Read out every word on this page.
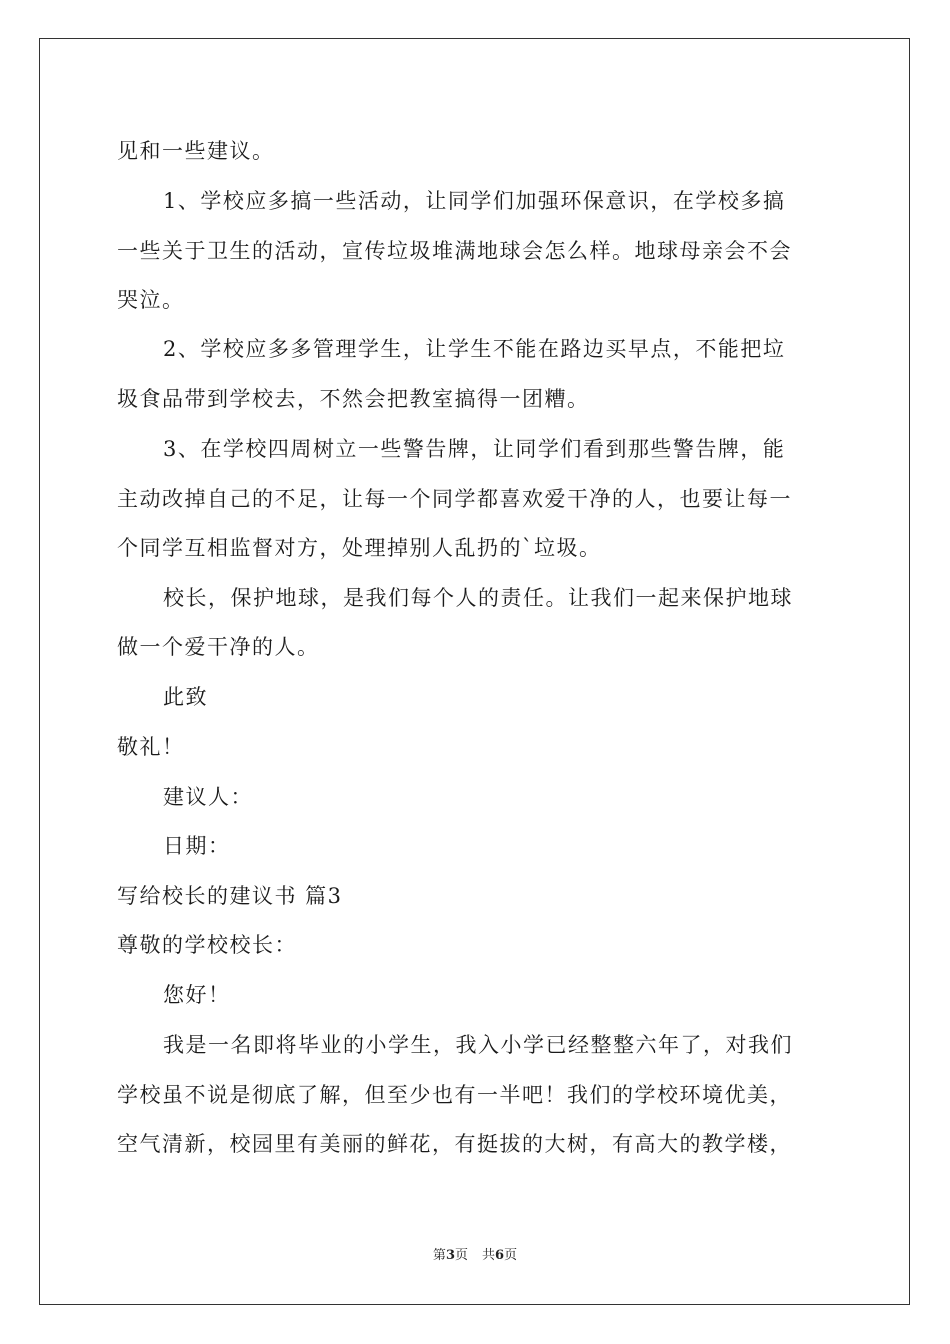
见和一些建议。
1、学校应多搞一些活动，让同学们加强环保意识，在学校多搞
一些关于卫生的活动，宣传垃圾堆满地球会怎么样。地球母亲会不会
哭泣。
2、学校应多多管理学生，让学生不能在路边买早点，不能把垃
圾食品带到学校去，不然会把教室搞得一团糟。
3、在学校四周树立一些警告牌，让同学们看到那些警告牌，能
主动改掉自己的不足，让每一个同学都喜欢爱干净的人，也要让每一
个同学互相监督对方，处理掉别人乱扔的`垃圾。
校长，保护地球，是我们每个人的责任。让我们一起来保护地球
做一个爱干净的人。
此致
敬礼！
建议人：
日期：
写给校长的建议书 篇3
尊敬的学校校长：
您好！
我是一名即将毕业的小学生，我入小学已经整整六年了，对我们
学校虽不说是彻底了解，但至少也有一半吧！我们的学校环境优美，
空气清新，校园里有美丽的鲜花，有挺拔的大树，有高大的教学楼，
第3页 共6页
